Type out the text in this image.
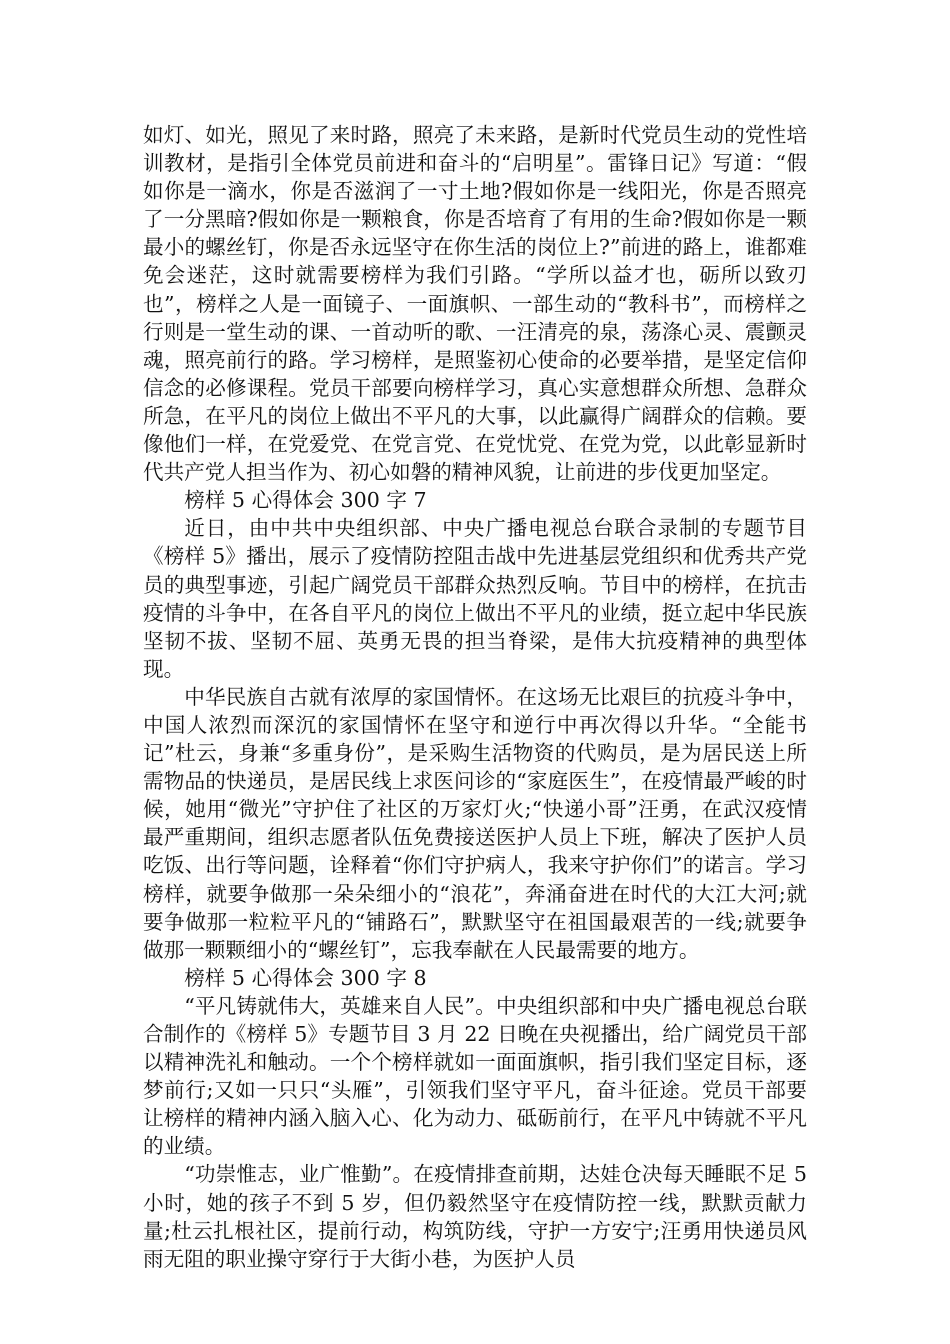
如灯、如光，照见了来时路，照亮了未来路，是新时代党员生动的党性培训教材，是指引全体党员前进和奋斗的“启明星”。雷锋日记》写道：“假如你是一滴水，你是否滋润了一寸土地?假如你是一线阳光，你是否照亮了一分黑暗?假如你是一颗粮食，你是否培育了有用的生命?假如你是一颗最小的螺丝钉，你是否永远坚守在你生活的岗位上?”前进的路上，谁都难免会迷茫，这时就需要榜样为我们引路。“学所以益才也，砺所以致刃也”，榜样之人是一面镜子、一面旗帜、一部生动的“教科书”，而榜样之行则是一堂生动的课、一首动听的歌、一汪清亮的泉，荡涤心灵、震颤灵魂，照亮前行的路。学习榜样，是照鉴初心使命的必要举措，是坚定信仰信念的必修课程。党员干部要向榜样学习，真心实意想群众所想、急群众所急，在平凡的岗位上做出不平凡的大事，以此赢得广阔群众的信赖。要像他们一样，在党爱党、在党言党、在党忧党、在党为党，以此彰显新时代共产党人担当作为、初心如磐的精神风貌，让前进的步伐更加坚定。

榜样 5 心得体会 300 字 7

近日，由中共中央组织部、中央广播电视总台联合录制的专题节目《榜样 5》播出，展示了疫情防控阻击战中先进基层党组织和优秀共产党员的典型事迹，引起广阔党员干部群众热烈反响。节目中的榜样，在抗击疫情的斗争中，在各自平凡的岗位上做出不平凡的业绩，挺立起中华民族坚韧不拔、坚韧不屈、英勇无畏的担当脊梁，是伟大抗疫精神的典型体现。

中华民族自古就有浓厚的家国情怀。在这场无比艰巨的抗疫斗争中，中国人浓烈而深沉的家国情怀在坚守和逆行中再次得以升华。“全能书记”杜云，身兼“多重身份”，是采购生活物资的代购员，是为居民送上所需物品的快递员，是居民线上求医问诊的“家庭医生”，在疫情最严峻的时候，她用“微光”守护住了社区的万家灯火;“快递小哥”汪勇，在武汉疫情最严重期间，组织志愿者队伍免费接送医护人员上下班，解决了医护人员吃饭、出行等问题，诠释着“你们守护病人，我来守护你们”的诺言。学习榜样，就要争做那一朵朵细小的“浪花”，奔涌奋进在时代的大江大河;就要争做那一粒粒平凡的“铺路石”，默默坚守在祖国最艰苦的一线;就要争做那一颗颗细小的“螺丝钉”，忘我奉献在人民最需要的地方。

榜样 5 心得体会 300 字 8

“平凡铸就伟大，英雄来自人民”。中央组织部和中央广播电视总台联合制作的《榜样 5》专题节目 3 月 22 日晚在央视播出，给广阔党员干部以精神洗礼和触动。一个个榜样就如一面面旗帜，指引我们坚定目标，逐梦前行;又如一只只“头雁”，引领我们坚守平凡，奋斗征途。党员干部要让榜样的精神内涵入脑入心、化为动力、砥砺前行，在平凡中铸就不平凡的业绩。

“功崇惟志，业广惟勤”。在疫情排查前期，达娃仓决每天睡眠不足 5 小时，她的孩子不到 5 岁，但仍毅然坚守在疫情防控一线，默默贡献力量;杜云扎根社区，提前行动，构筑防线，守护一方安宁;汪勇用快递员风雨无阻的职业操守穿行于大街小巷，为医护人员
